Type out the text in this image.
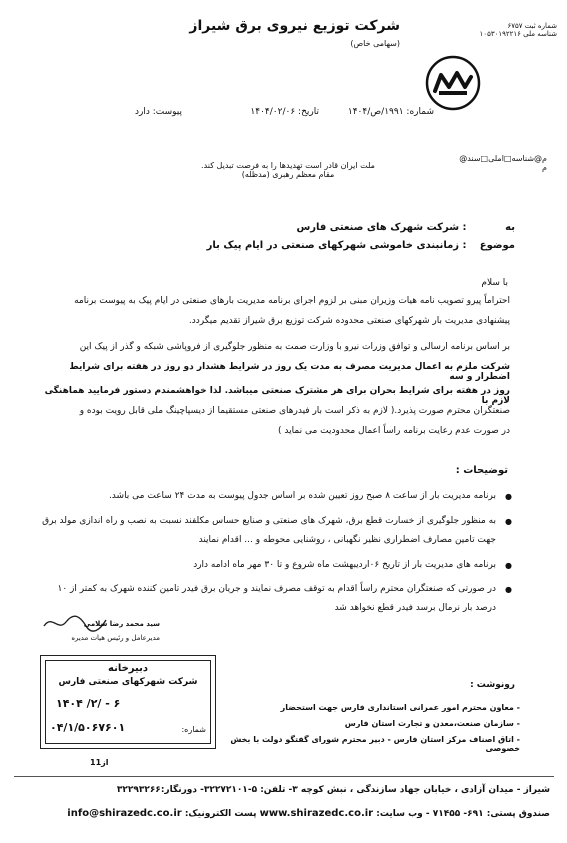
شرکت توزیع نیروی برق شیراز (سهامی خاص)
شماره ثبت ۶۷۵۷
شناسه ملی ۱۰۵۳۰۱۹۲۲۱۶
شماره: ۱۹۹۱/ص/۱۴۰۴
تاریخ: ۱۴۰۴/۰۲/۰۶
پیوست: دارد
م@شناسه□املی□سند@
م
ملت ایران قادر است تهدیدها را به فرصت تبدیل کند.
مقام معظم رهبری (مدظله)
به : شرکت شهرک های صنعتی فارس
موضوع : زمانبندی خاموشی شهرکهای صنعتی در ایام پیک بار
با سلام
احتراماً پیرو تصویب نامه هیات وزیران مبنی بر لزوم اجرای برنامه مدیریت بارهای صنعتی در ایام پیک به پیوست برنامه
پیشنهادی مدیریت بار شهرکهای صنعتی محدوده شرکت توزیع برق شیراز تقدیم میگردد.
بر اساس برنامه ارسالی و توافق وزرات نیرو با وزارت صمت به منظور جلوگیری از فروپاشی شبکه و گذر از پیک این
شرکت ملزم به اعمال مدیریت مصرف به مدت یک روز در شرایط هشدار دو روز در هفته برای شرایط اضطرار و سه
روز در هفته برای شرایط بحران برای هر مشترک صنعتی میباشد. لذا خواهشمندم دستور فرمایید هماهنگی لازم با
صنعتگران محترم صورت پذیرد.( لازم به ذکر است بار فیدرهای صنعتی مستقیما از دیسپاچینگ ملی قابل رویت بوده و
در صورت عدم رعایت برنامه راساً اعمال محدودیت می نماید )
توضیحات :
●
برنامه مدیریت بار از ساعت ۸ صبح روز تعیین شده بر اساس جدول پیوست به مدت ۲۴ ساعت می باشد.
●
به منظور جلوگیری از خسارت قطع برق، شهرک های صنعتی و صنایع حساس مکلفند نسبت به نصب و راه اندازی مولد برق جهت تامین مصارف اضطراری نظیر نگهبانی ، روشنایی محوطه و ... اقدام نمایند
●
برنامه های مدیریت بار از تاریخ ۰۶اردیبهشت ماه شروع و تا ۳۰ مهر ماه ادامه دارد
●
در صورتی که صنعتگران محترم راساً اقدام به توقف مصرف نمایند و جریان برق فیدر تامین کننده شهرک به کمتر از ۱۰ درصد بار نرمال برسد فیدر قطع نخواهد شد
سید محمد رضا سلامی
مدیرعامل و رئیس هیات مدیره
دبیرخانه
شرکت شهرکهای صنعتی فارس
۱۴۰۴ /۲/ - ۶
شماره:
۰۴/۱/۵۰۶۷۶۰۱
رونوشت :
- معاون محترم امور عمرانی استانداری فارس جهت استحضار
- سازمان صنعت،معدن و تجارت استان فارس
- اتاق اصناف مرکز استان فارس - دبیر محترم شورای گفتگو دولت با بخش خصوصی
1از1
شیراز - میدان آزادی ، خیابان جهاد سازندگی ، نبش کوچه ۳- تلفن: ۵-۳۲۲۷۲۱۰۱- دورنگار:۳۲۲۹۳۲۶۶
صندوق پستی: ۶۹۱- ۷۱۴۵۵ - وب سایت: www.shirazedc.co.ir پست الکترونیک: info@shirazedc.co.ir
